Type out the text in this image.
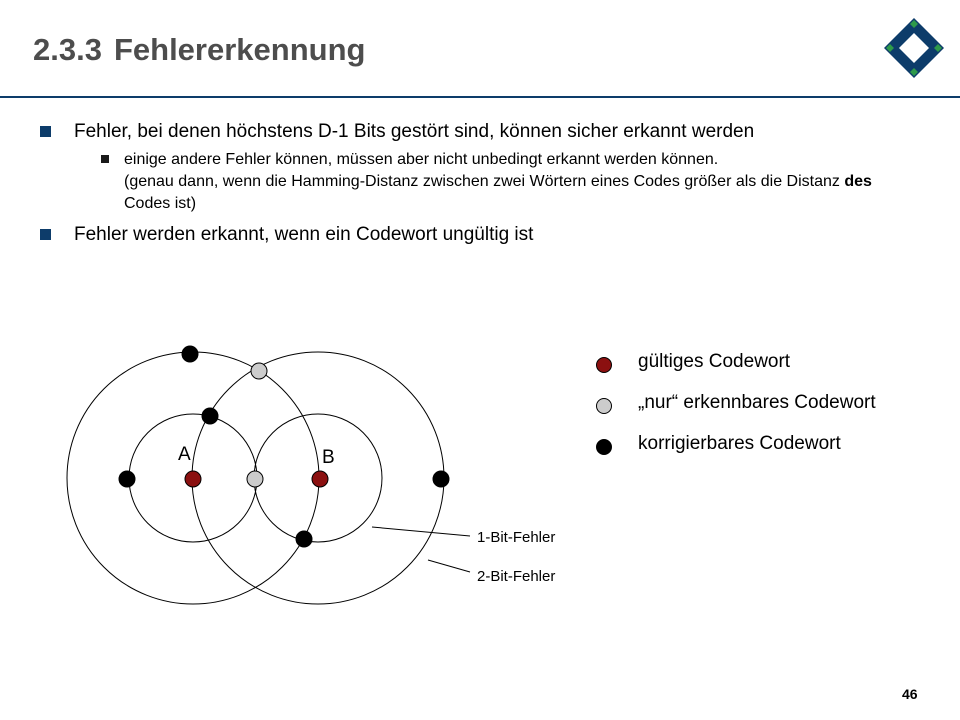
2.3.3 Fehlererkennung
Fehler, bei denen höchstens D-1 Bits gestört sind, können sicher erkannt werden
einige andere Fehler können, müssen aber nicht unbedingt erkannt werden können.
(genau dann, wenn die Hamming-Distanz zwischen zwei Wörtern eines Codes größer als die Distanz des Codes ist)
Fehler werden erkannt, wenn ein Codewort ungültig ist
A	B
1-Bit-Fehler
2-Bit-Fehler
gültiges Codewort
„nur“ erkennbares Codewort
korrigierbares Codewort
46
